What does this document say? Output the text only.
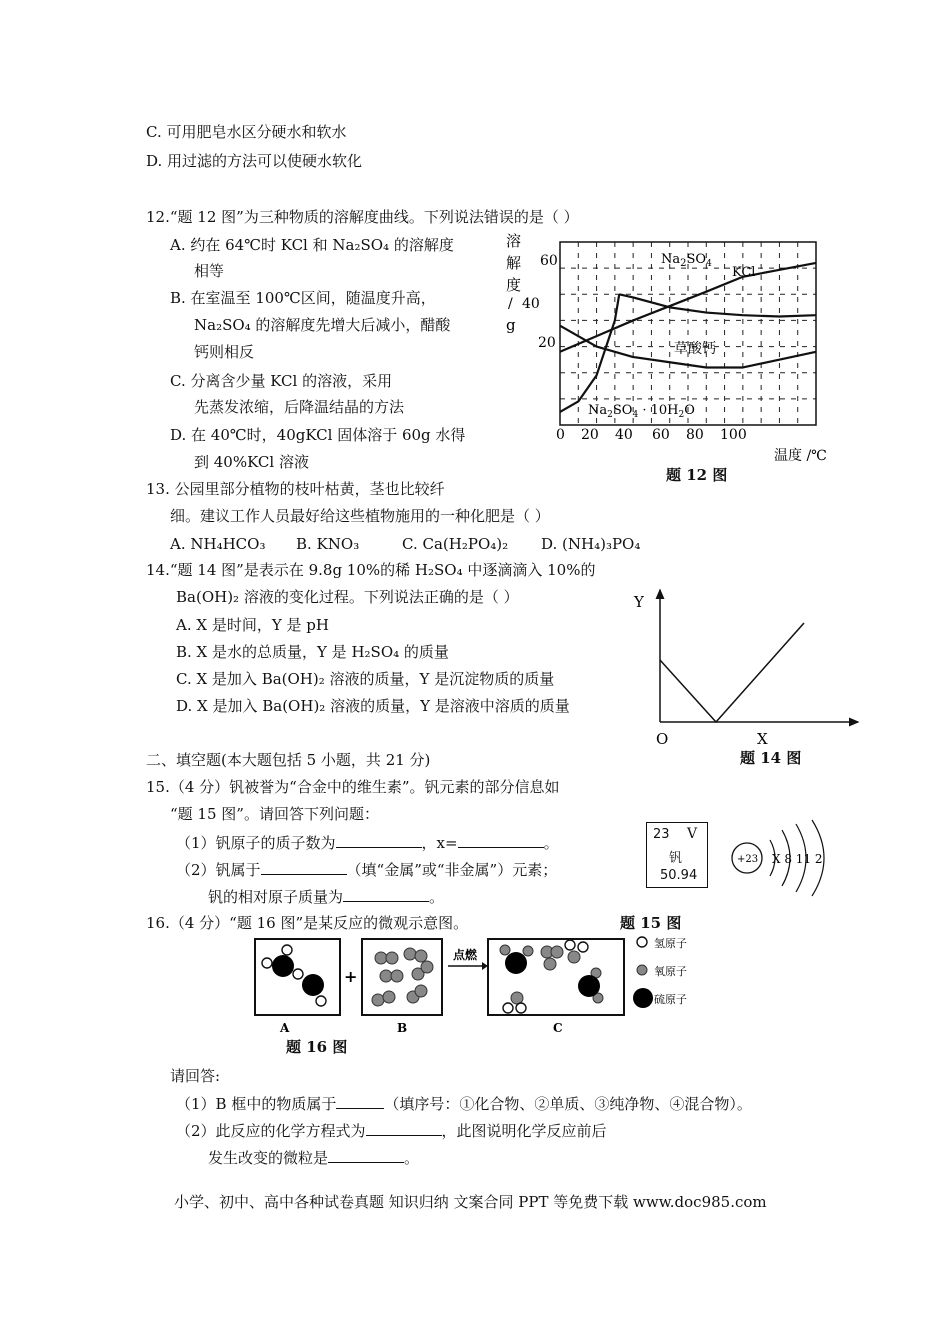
C. 可用肥皂水区分硬水和软水
D. 用过滤的方法可以使硬水软化
12.“题 12 图”为三种物质的溶解度曲线。下列说法错误的是（ ）
A. 约在 64℃时 KCl 和 Na₂SO₄ 的溶解度
相等
B. 在室温至 100℃区间，随温度升高，
Na₂SO₄ 的溶解度先增大后减小，醋酸
钙则相反
C. 分离含少量 KCl 的溶液，采用
先蒸发浓缩，后降温结晶的方法
D. 在 40℃时，40gKCl 固体溶于 60g 水得
到 40%KCl 溶液
溶
解
度
/
g
60
40
20
$Na_2SO_4$
KCl
草酸钙
$Na_2SO_4 \cdot 10H_2O$
0 20 40 60 80 100
温度 /℃
题 12 图
13. 公园里部分植物的枝叶枯黄，茎也比较纤
细。建议工作人员最好给这些植物施用的一种化肥是（ ）
A. NH₄HCO₃ B. KNO₃	C. Ca(H₂PO₄)₂ D. (NH₄)₃PO₄
14.“题 14 图”是表示在 9.8g 10%的稀 H₂SO₄ 中逐滴滴入 10%的
Ba(OH)₂ 溶液的变化过程。下列说法正确的是（ ）
A. X 是时间，Y 是 pH
B. X 是水的总质量，Y 是 H₂SO₄ 的质量
C. X 是加入 Ba(OH)₂ 溶液的质量，Y 是沉淀物质的质量
D. X 是加入 Ba(OH)₂ 溶液的质量，Y 是溶液中溶质的质量
Y
O	X
题 14 图
二、填空题(本大题包括 5 小题，共 21 分)
15.（4 分）钒被誉为“合金中的维生素”。钒元素的部分信息如
“题 15 图”。请回答下列问题：
（1）钒原子的质子数为	，x=	。
（2）钒属于	（填“金属”或“非金属”）元素；
钒的相对原子质量为	。
23 V
钒
50.94
+23 X 8 11 2
题 15 图
16.（4 分）“题 16 图”是某反应的微观示意图。
+
点燃
氢原子
氧原子
硫原子
A	B	C
题 16 图
请回答:
（1）B 框中的物质属于	（填序号：①化合物、②单质、③纯净物、④混合物）。
（2）此反应的化学方程式为	，此图说明化学反应前后
发生改变的微粒是	。
小学、初中、高中各种试卷真题 知识归纳 文案合同 PPT 等免费下载 www.doc985.com
